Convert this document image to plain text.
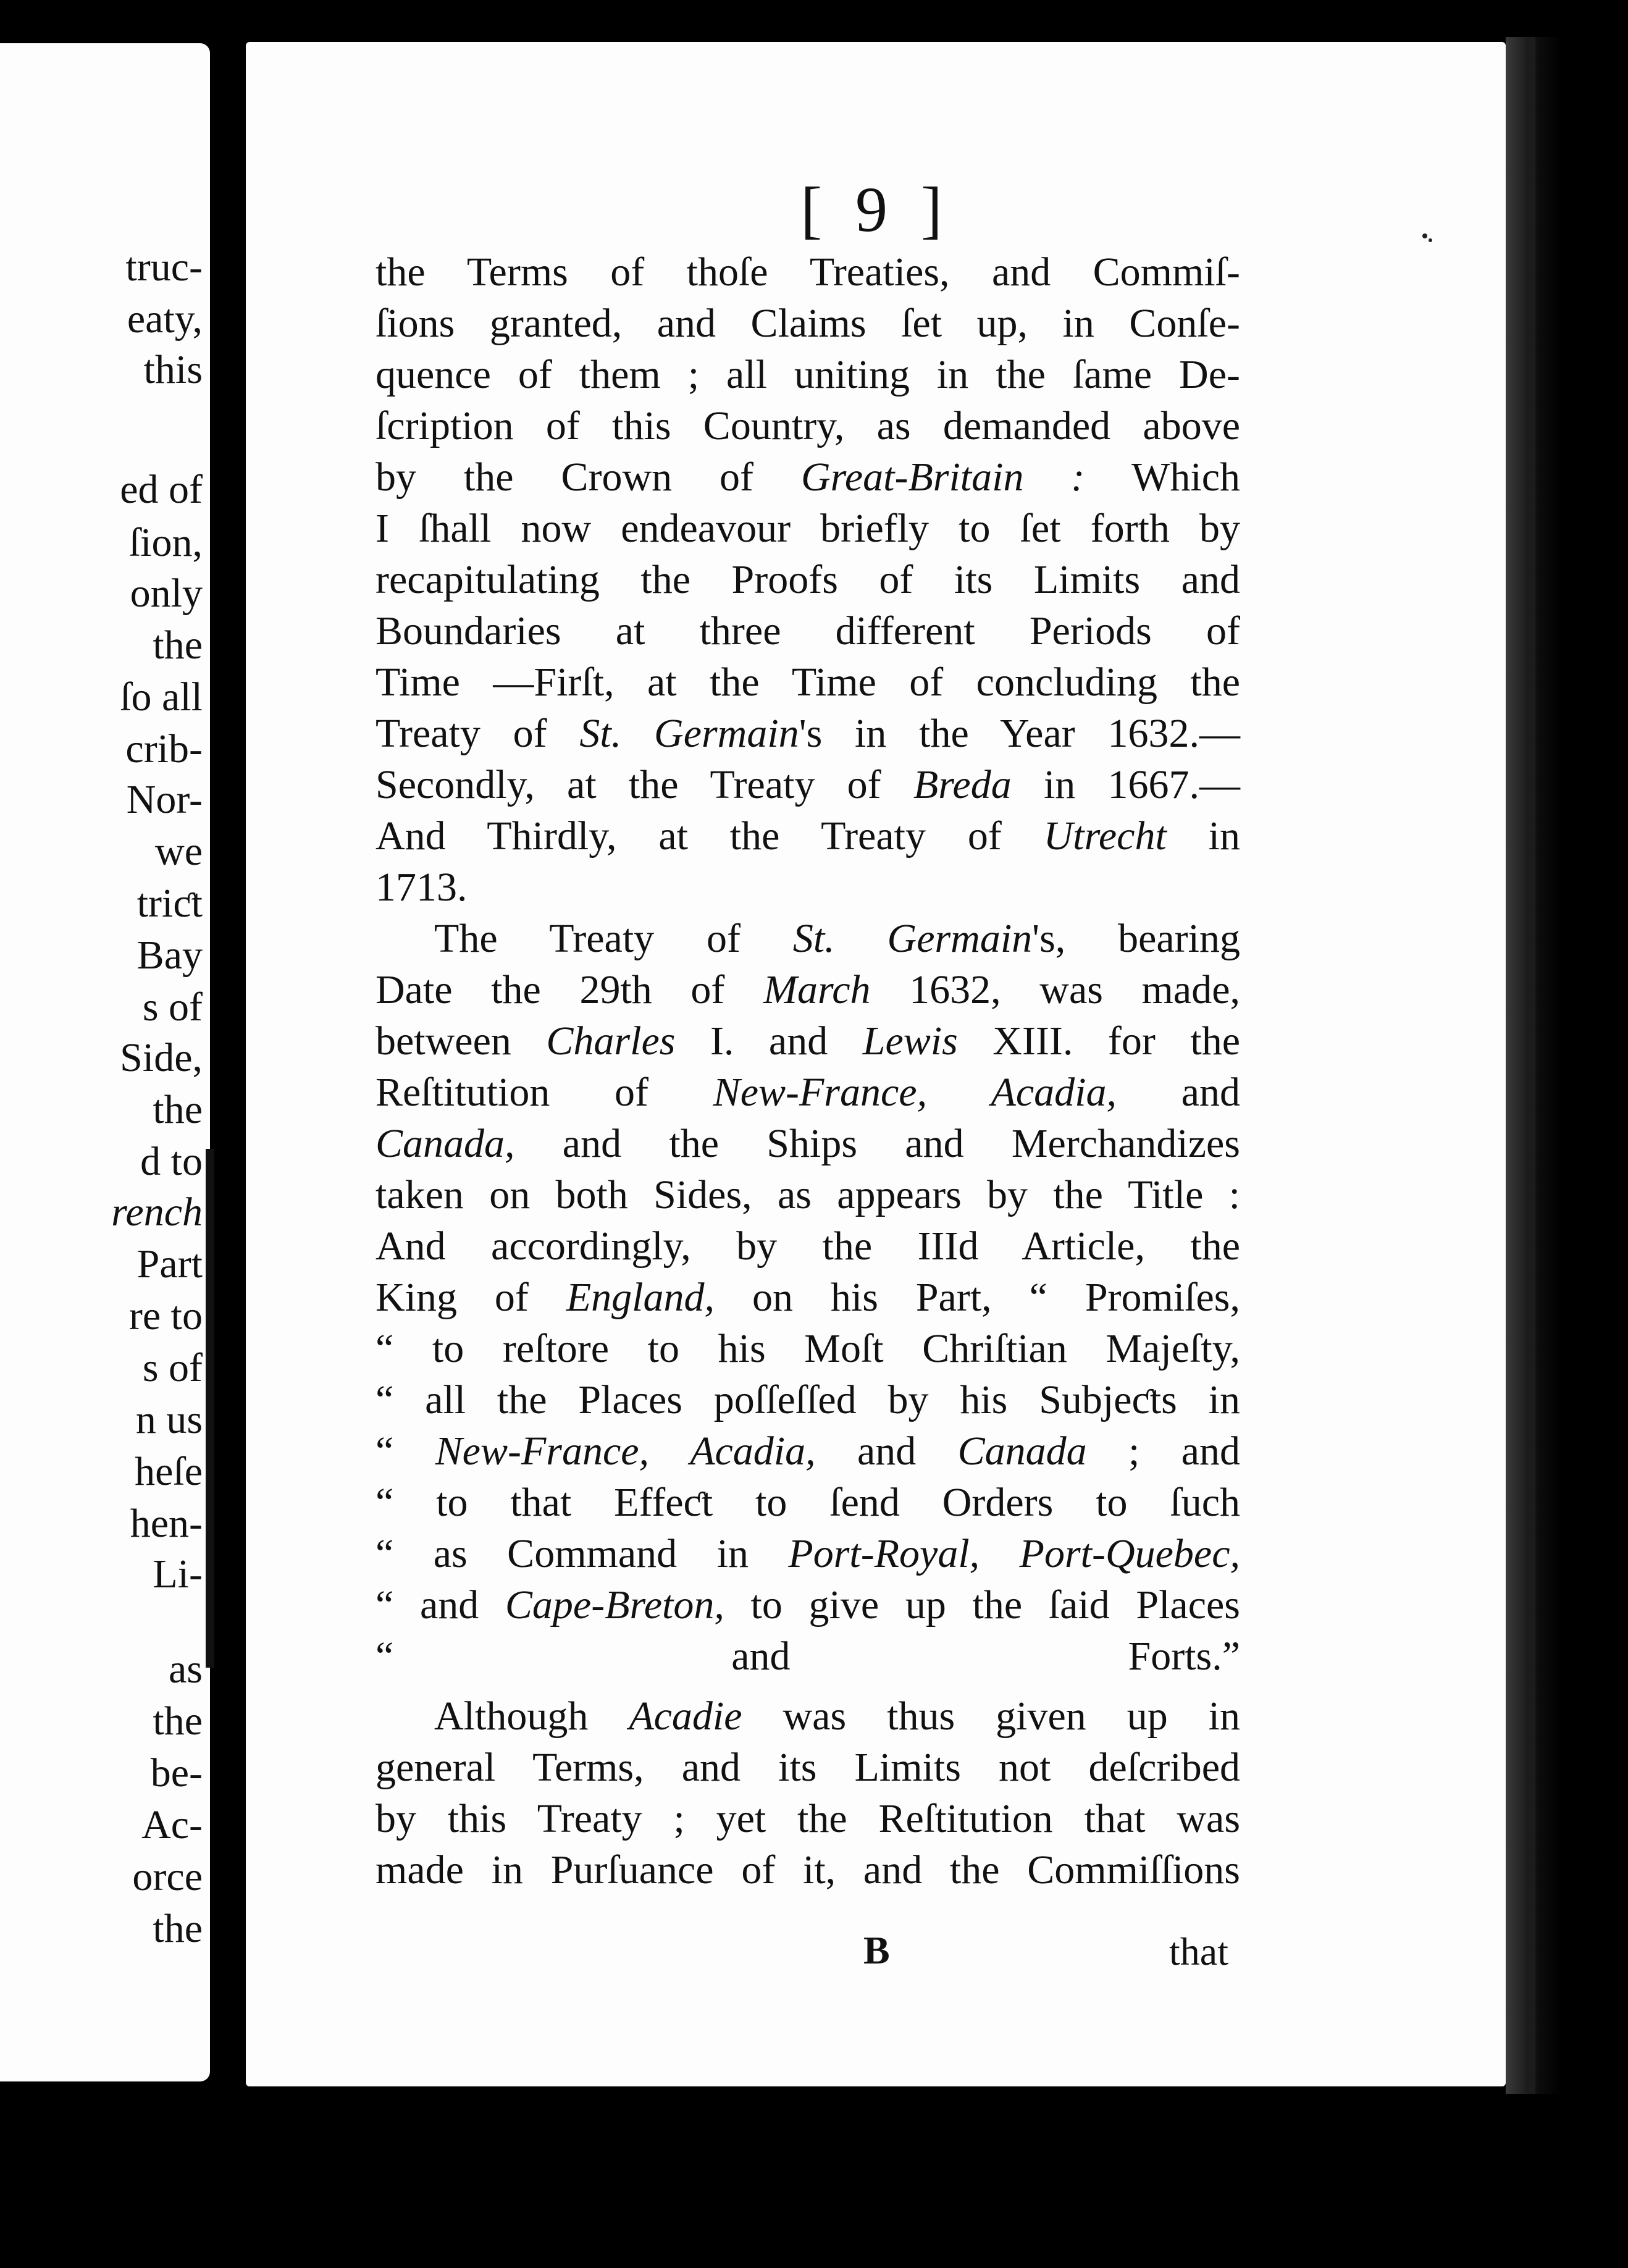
truc-
eaty,
this
ed of
ſion,
only
the
ſo all
crib-
Nor-
we
triƈt
Bay
s of
Side,
the
d to
rench
Part
re to
s of
n us
heſe
hen-
Li-
as
the
be-
Ac-
orce
the
[ 9 ]
the Terms of thoſe Treaties, and Commiſ-
ſions granted, and Claims ſet up, in Conſe-
quence of them ; all uniting in the ſame De-
ſcription of this Country, as demanded above
by the Crown of Great-Britain : Which
I ſhall now endeavour briefly to ſet forth by
recapitulating the Proofs of its Limits and
Boundaries at three different Periods of
Time —Firſt, at the Time of concluding the
Treaty of St. Germain's in the Year 1632.—
Secondly, at the Treaty of Breda in 1667.—
And Thirdly, at the Treaty of Utrecht in
1713.
The Treaty of St. Germain's, bearing
Date the 29th of March 1632, was made,
between Charles I. and Lewis XIII. for the
Reſtitution of New-France, Acadia, and
Canada, and the Ships and Merchandizes
taken on both Sides, as appears by the Title :
And accordingly, by the IIId Article, the
King of England, on his Part, “ Promiſes,
“ to reſtore to his Moſt Chriſtian Majeſty,
“ all the Places poſſeſſed by his Subjeƈts in
“ New-France, Acadia, and Canada ; and
“ to that Effeƈt to ſend Orders to ſuch
“ as Command in Port-Royal, Port-Quebec,
“ and Cape-Breton, to give up the ſaid Places
“ and Forts.”
Although Acadie was thus given up in
general Terms, and its Limits not deſcribed
by this Treaty ; yet the Reſtitution that was
made in Purſuance of it, and the Commiſſions
B	that
